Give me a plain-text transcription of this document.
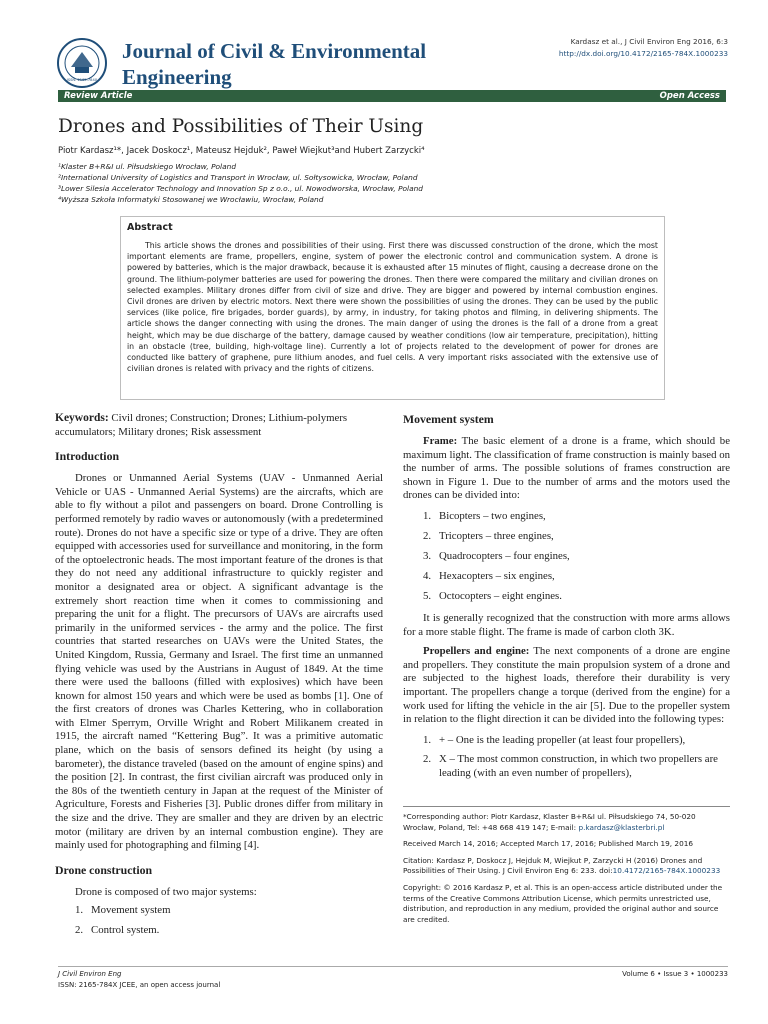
ISSN: 2165-784X
Journal of Civil & Environmental Engineering
Kardasz et al., J Civil Environ Eng 2016, 6:3
http://dx.doi.org/10.4172/2165-784X.1000233
Review Article	Open Access
Drones and Possibilities of Their Using
Piotr Kardasz¹*, Jacek Doskocz¹, Mateusz Hejduk², Paweł Wiejkut³and Hubert Zarzycki⁴
¹Klaster B+R&I ul. Piłsudskiego Wrocław, Poland
²International University of Logistics and Transport in Wrocław, ul. Sołtysowicka, Wrocław, Poland
³Lower Silesia Accelerator Technology and Innovation Sp z o.o., ul. Nowodworska, Wrocław, Poland
⁴Wyższa Szkoła Informatyki Stosowanej we Wrocławiu, Wrocław, Poland
Abstract

This article shows the drones and possibilities of their using. First there was discussed construction of the drone, which the most important elements are frame, propellers, engine, system of power the electronic control and communication system. A drone is powered by batteries, which is the major drawback, because it is exhausted after 15 minutes of flight, causing a decrease drone on the ground. The lithium-polymer batteries are used for powering the drones. Then there were compared the military and civilian drones on selected examples. Military drones differ from civil of size and drive. They are bigger and powered by internal combustion engines. Civil drones are driven by electric motors. Next there were shown the possibilities of using the drones. They can be used by the public services (like police, fire brigades, border guards), by army, in industry, for taking photos and filming, in delivering shipments. The article shows the danger connecting with using the drones. The main danger of using the drones is the fall of a drone from a great height, which may be due discharge of the battery, damage caused by weather conditions (low air temperature, precipitation), hitting in an obstacle (tree, building, high-voltage line). Currently a lot of projects related to the development of power for drones are conducted like battery of graphene, pure lithium anodes, and fuel cells. A very important risks associated with the extensive use of civilian drones is related with privacy and the rights of citizens.

Keywords: Civil drones; Construction; Drones; Lithium-polymers accumulators; Military drones; Risk assessment
Introduction

Drones or Unmanned Aerial Systems (UAV - Unmanned Aerial Vehicle or UAS - Unmanned Aerial Systems) are the aircrafts, which are able to fly without a pilot and passengers on board. Drone Controlling is performed remotely by radio waves or autonomously (with a predetermined route). Drones do not have a specific size or type of a drive. They are often equipped with accessories used for surveillance and monitoring, in the form of the optoelectronic heads. The most important feature of the drones is that they do not need any additional infrastructure to quickly register and monitor a designated area or object. A significant advantage is the extremely short reaction time when it comes to commissioning and preparing the unit for a flight. The precursors of UAVs are aircrafts used primarily in the uniformed services - the army and the police. The first countries that started researches on UAVs were the United States, the United Kingdom, Russia, Germany and Israel. The first time an unmanned flying vehicle was used by the Austrians in August of 1849. At the time there were used the balloons (filled with explosives) which have been known for almost 150 years and which were be used as bombs [1]. One of the first creators of drones was Charles Kettering, who in collaboration with Elmer Sperrym, Orville Wright and Robert Milikanem created in 1915, the aircraft named “Kettering Bug”. It was a primitive automatic plane, which on the basis of sensors defined its height (by using a barometer), the distance traveled (based on the amount of engine spins) and the position [2]. In contrast, the first civilian aircraft was produced only in the 80s of the twentieth century in Japan at the request of the Minister of Agriculture, Forests and Fisheries [3]. Public drones differ from military in the size and the drive. They are smaller and they are driven by an electric motor (military are driven by an internal combustion engine). They are mainly used for photographing and filming [4].

Drone construction

Drone is composed of two major systems:

1. Movement system
2. Control system.
Movement system

Frame: The basic element of a drone is a frame, which should be maximum light. The classification of frame construction is mainly based on the number of arms. The possible solutions of frames construction are shown in Figure 1. Due to the number of arms and the motors used the drones can be divided into:

1. Bicopters – two engines,
2. Tricopters – three engines,
3. Quadrocopters – four engines,
4. Hexacopters – six engines,
5. Octocopters – eight engines.

It is generally recognized that the construction with more arms allows for a more stable flight. The frame is made of carbon cloth 3K.

Propellers and engine: The next components of a drone are engine and propellers. They constitute the main propulsion system of a drone and are subjected to the highest loads, therefore their durability is very important. The propellers change a torque (derived from the engine) for a work used for lifting the vehicle in the air [5]. Due to the propeller system in relation to the flight direction it can be divided into the following types:

1. + – One is the leading propeller (at least four propellers),
2. X – The most common construction, in which two propellers are leading (with an even number of propellers),

*Corresponding author: Piotr Kardasz, Klaster B+R&I ul. Piłsudskiego 74, 50-020 Wrocław, Poland, Tel: +48 668 419 147; E-mail: p.kardasz@klasterbri.pl

Received March 14, 2016; Accepted March 17, 2016; Published March 19, 2016

Citation: Kardasz P, Doskocz J, Hejduk M, Wiejkut P, Zarzycki H (2016) Drones and Possibilities of Their Using. J Civil Environ Eng 6: 233. doi:10.4172/2165-784X.1000233

Copyright: © 2016 Kardasz P, et al. This is an open-access article distributed under the terms of the Creative Commons Attribution License, which permits unrestricted use, distribution, and reproduction in any medium, provided the original author and source are credited.

J Civil Environ Eng
ISSN: 2165-784X JCEE, an open access journal
Volume 6 • Issue 3 • 1000233
